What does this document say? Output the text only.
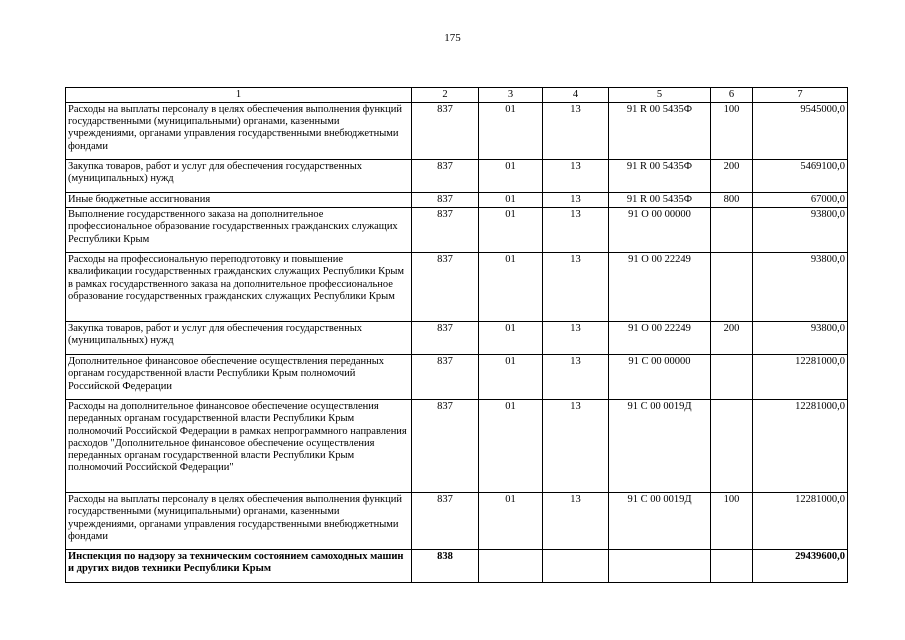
175
1	2	3	4	5	6	7
Расходы на выплаты персоналу в целях обеспечения выполнения функций государственными (муниципальными) органами, казенными учреждениями, органами управления государственными внебюджетными фондами	837	01	13	91 R 00 5435Ф	100	9545000,0
Закупка товаров, работ и услуг для обеспечения государственных (муниципальных) нужд	837	01	13	91 R 00 5435Ф	200	5469100,0
Иные бюджетные ассигнования	837	01	13	91 R 00 5435Ф	800	67000,0
Выполнение государственного заказа на дополнительное профессиональное образование государственных гражданских служащих Республики Крым	837	01	13	91 О 00 00000		93800,0
Расходы на профессиональную переподготовку и повышение квалификации государственных гражданских служащих Республики Крым в рамках государственного заказа на дополнительное профессиональное образование государственных гражданских служащих Республики Крым	837	01	13	91 О 00 22249		93800,0
Закупка товаров, работ и услуг для обеспечения государственных (муниципальных) нужд	837	01	13	91 О 00 22249	200	93800,0
Дополнительное финансовое обеспечение осуществления переданных органам государственной власти Республики Крым полномочий Российской Федерации	837	01	13	91 С 00 00000		12281000,0
Расходы на дополнительное финансовое обеспечение осуществления переданных органам государственной власти Республики Крым полномочий Российской Федерации в рамках непрограммного направления расходов "Дополнительное финансовое обеспечение осуществления переданных органам государственной власти Республики Крым полномочий Российской Федерации"	837	01	13	91 С 00 0019Д		12281000,0
Расходы на выплаты персоналу в целях обеспечения выполнения функций государственными (муниципальными) органами, казенными учреждениями, органами управления государственными внебюджетными фондами	837	01	13	91 С 00 0019Д	100	12281000,0
Инспекция по надзору за техническим состоянием самоходных машин и других видов техники Республики Крым	838					29439600,0
